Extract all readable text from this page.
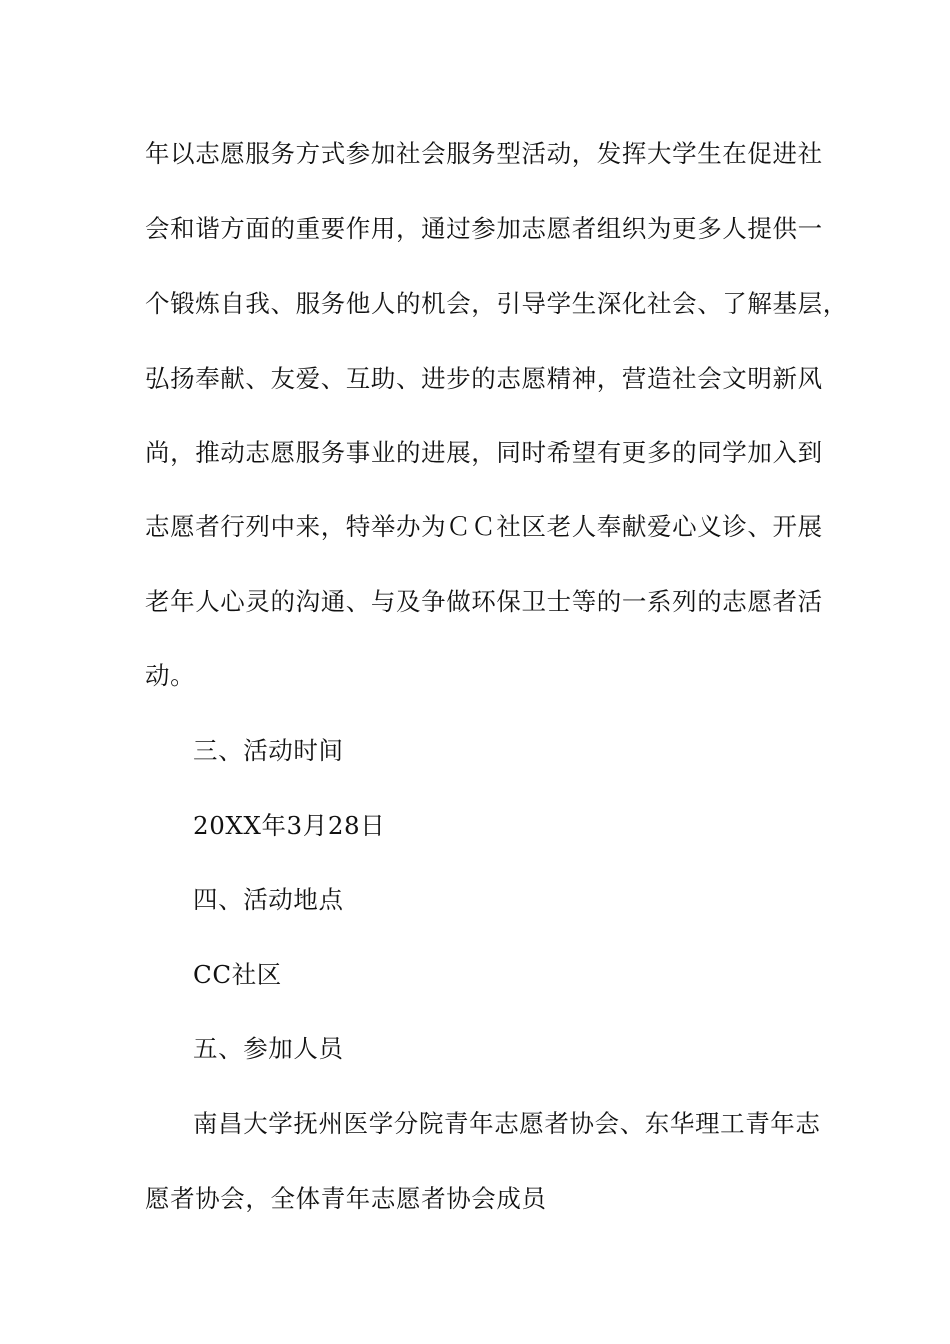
年以志愿服务方式参加社会服务型活动，发挥大学生在促进社
会和谐方面的重要作用，通过参加志愿者组织为更多人提供一
个锻炼自我、服务他人的机会，引导学生深化社会、了解基层，
弘扬奉献、友爱、互助、进步的志愿精神，营造社会文明新风
尚，推动志愿服务事业的进展，同时希望有更多的同学加入到
志愿者行列中来，特举办为ＣＣ社区老人奉献爱心义诊、开展
老年人心灵的沟通、与及争做环保卫士等的一系列的志愿者活
动。
三、活动时间
20XX年3月28日
四、活动地点
CC社区
五、参加人员
南昌大学抚州医学分院青年志愿者协会、东华理工青年志
愿者协会，全体青年志愿者协会成员
